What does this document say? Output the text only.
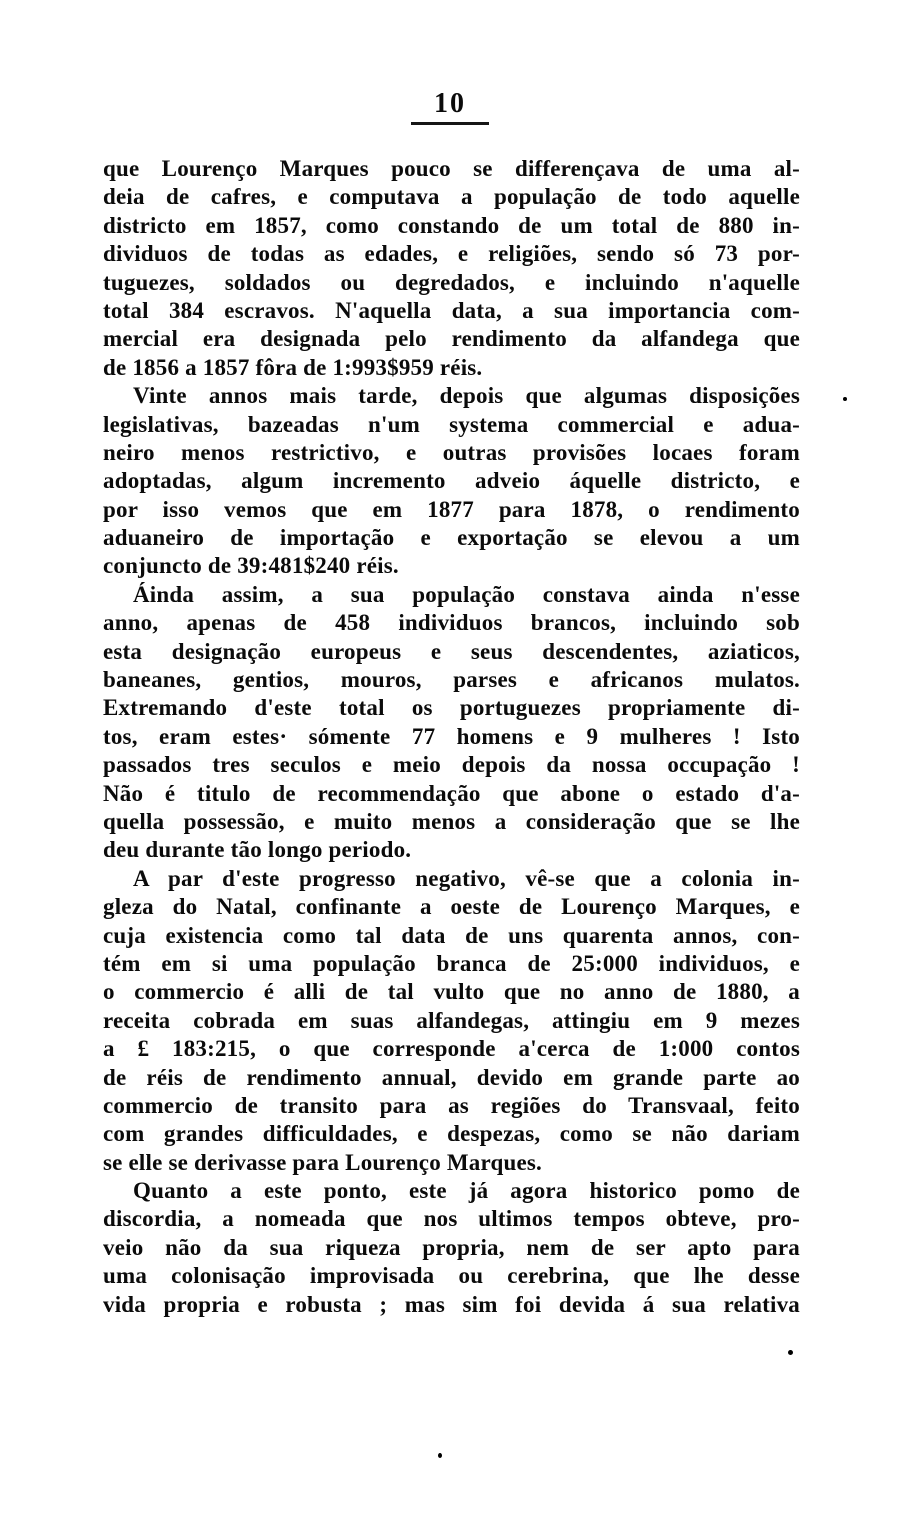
10
que Lourenço Marques pouco se differençava de uma al-
deia de cafres, e computava a população de todo aquelle
districto em 1857, como constando de um total de 880 in-
dividuos de todas as edades, e religiões, sendo só 73 por-
tuguezes, soldados ou degredados, e incluindo n'aquelle
total 384 escravos. N'aquella data, a sua importancia com-
mercial era designada pelo rendimento da alfandega que
de 1856 a 1857 fôra de 1:993$959 réis.
Vinte annos mais tarde, depois que algumas disposições
legislativas, bazeadas n'um systema commercial e adua-
neiro menos restrictivo, e outras provisões locaes foram
adoptadas, algum incremento adveio áquelle districto, e
por isso vemos que em 1877 para 1878, o rendimento
aduaneiro de importação e exportação se elevou a um
conjuncto de 39:481$240 réis.
Áinda assim, a sua população constava ainda n'esse
anno, apenas de 458 individuos brancos, incluindo sob
esta designação europeus e seus descendentes, aziaticos,
baneanes, gentios, mouros, parses e africanos mulatos.
Extremando d'este total os portuguezes propriamente di-
tos, eram estes· sómente 77 homens e 9 mulheres ! Isto
passados tres seculos e meio depois da nossa occupação !
Não é titulo de recommendação que abone o estado d'a-
quella possessão, e muito menos a consideração que se lhe
deu durante tão longo periodo.
A par d'este progresso negativo, vê-se que a colonia in-
gleza do Natal, confinante a oeste de Lourenço Marques, e
cuja existencia como tal data de uns quarenta annos, con-
tém em si uma população branca de 25:000 individuos, e
o commercio é alli de tal vulto que no anno de 1880, a
receita cobrada em suas alfandegas, attingiu em 9 mezes
a £ 183:215, o que corresponde a'cerca de 1:000 contos
de réis de rendimento annual, devido em grande parte ao
commercio de transito para as regiões do Transvaal, feito
com grandes difficuldades, e despezas, como se não dariam
se elle se derivasse para Lourenço Marques.
Quanto a este ponto, este já agora historico pomo de
discordia, a nomeada que nos ultimos tempos obteve, pro-
veio não da sua riqueza propria, nem de ser apto para
uma colonisação improvisada ou cerebrina, que lhe desse
vida propria e robusta ; mas sim foi devida á sua relativa
